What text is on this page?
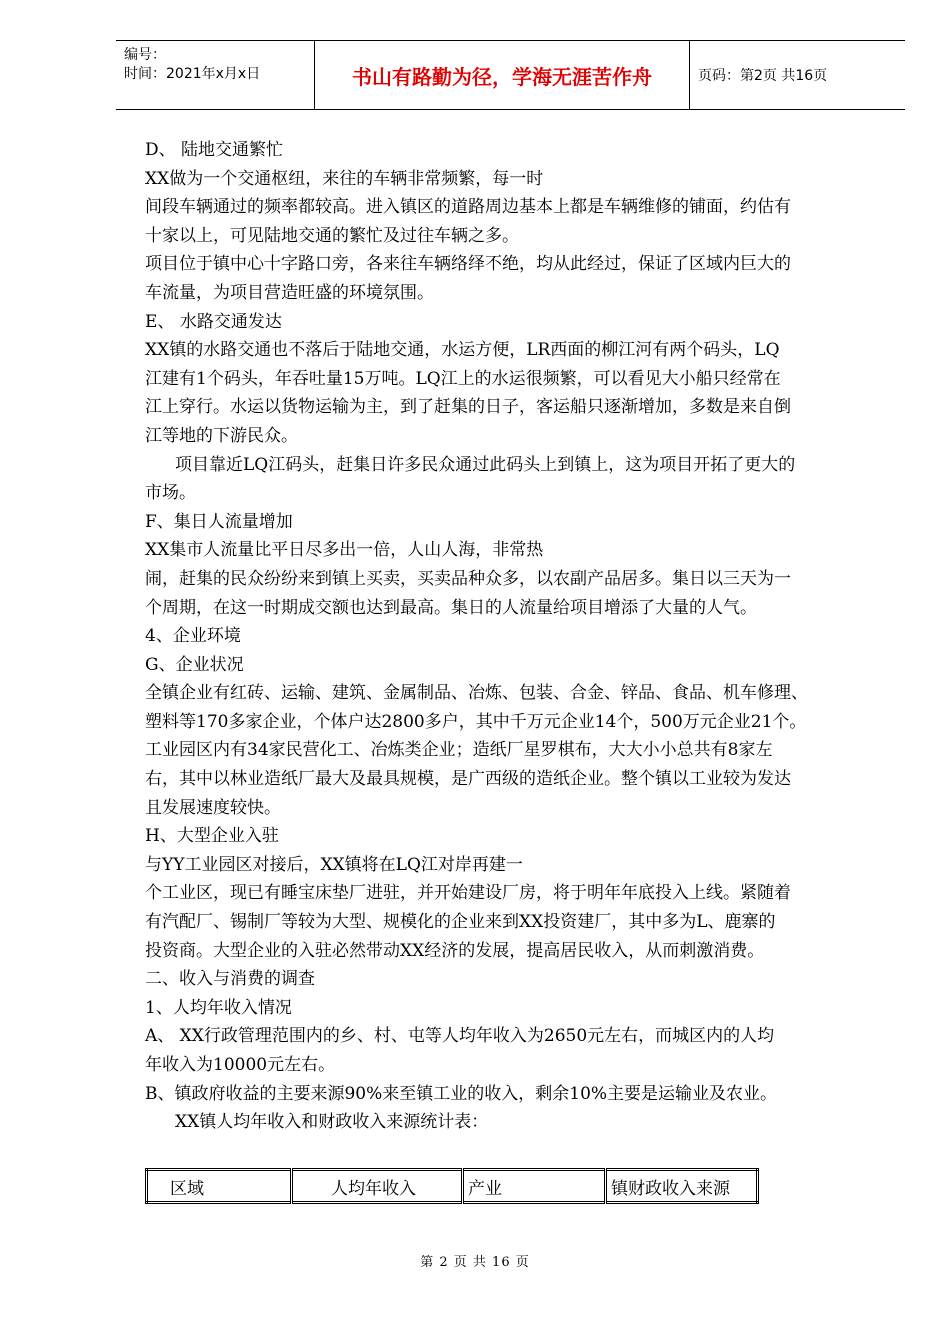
编号：
时间：2021年x月x日	书山有路勤为径，学海无涯苦作舟	页码：第2页 共16页

D、 陆地交通繁忙

XX做为一个交通枢纽，来往的车辆非常频繁，每一时

间段车辆通过的频率都较高。进入镇区的道路周边基本上都是车辆维修的铺面，约估有

十家以上，可见陆地交通的繁忙及过往车辆之多。

项目位于镇中心十字路口旁，各来往车辆络绎不绝，均从此经过，保证了区域内巨大的

车流量，为项目营造旺盛的环境氛围。

E、 水路交通发达

XX镇的水路交通也不落后于陆地交通，水运方便，LR西面的柳江河有两个码头，LQ

江建有1个码头，年吞吐量15万吨。LQ江上的水运很频繁，可以看见大小船只经常在

江上穿行。水运以货物运输为主，到了赶集的日子，客运船只逐渐增加，多数是来自倒

江等地的下游民众。

项目靠近LQ江码头，赶集日许多民众通过此码头上到镇上，这为项目开拓了更大的

市场。

F、集日人流量增加

XX集市人流量比平日尽多出一倍，人山人海，非常热

闹，赶集的民众纷纷来到镇上买卖，买卖品种众多，以农副产品居多。集日以三天为一

个周期，在这一时期成交额也达到最高。集日的人流量给项目增添了大量的人气。

4、企业环境

G、企业状况

全镇企业有红砖、运输、建筑、金属制品、冶炼、包装、合金、锌品、食品、机车修理、

塑料等170多家企业，个体户达2800多户，其中千万元企业14个，500万元企业21个。

工业园区内有34家民营化工、冶炼类企业；造纸厂星罗棋布，大大小小总共有8家左

右，其中以林业造纸厂最大及最具规模，是广西级的造纸企业。整个镇以工业较为发达

且发展速度较快。

H、大型企业入驻

与YY工业园区对接后，XX镇将在LQ江对岸再建一

个工业区，现已有睡宝床垫厂进驻，并开始建设厂房，将于明年年底投入上线。紧随着

有汽配厂、锡制厂等较为大型、规模化的企业来到XX投资建厂，其中多为L、鹿寨的

投资商。大型企业的入驻必然带动XX经济的发展，提高居民收入，从而刺激消费。

二、收入与消费的调查

1、人均年收入情况

A、 XX行政管理范围内的乡、村、屯等人均年收入为2650元左右，而城区内的人均

年收入为10000元左右。

B、镇政府收益的主要来源90%来至镇工业的收入，剩余10%主要是运输业及农业。

XX镇人均年收入和财政收入来源统计表：

区域	人均年收入	产业	镇财政收入来源
第 2 页 共 16 页
